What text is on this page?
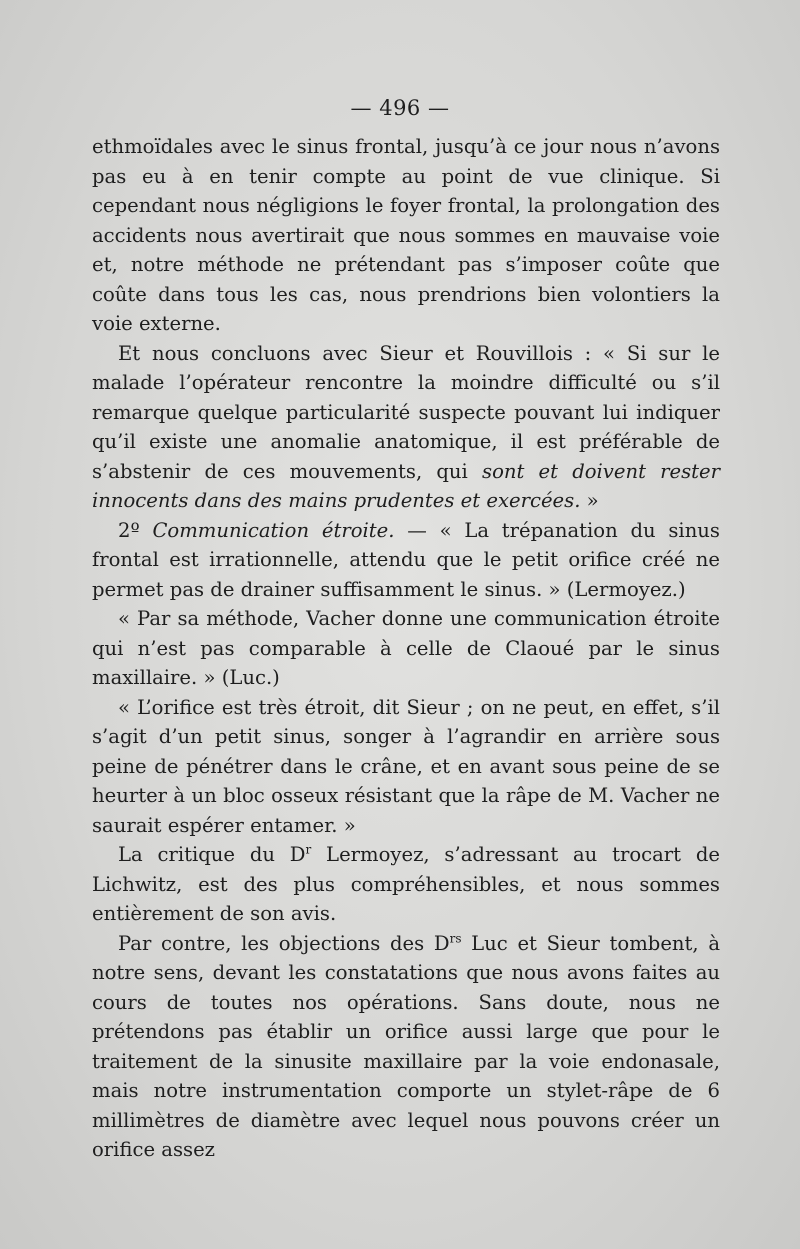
— 496 —

ethmoïdales avec le sinus frontal, jusqu’à ce jour nous n’avons pas eu à en tenir compte au point de vue clinique. Si cependant nous négligions le foyer frontal, la prolongation des accidents nous avertirait que nous sommes en mauvaise voie et, notre méthode ne prétendant pas s’imposer coûte que coûte dans tous les cas, nous prendrions bien volontiers la voie externe.

Et nous concluons avec Sieur et Rouvillois : « Si sur le malade l’opérateur rencontre la moindre difficulté ou s’il remarque quelque particularité suspecte pouvant lui indiquer qu’il existe une anomalie anatomique, il est préférable de s’abstenir de ces mouvements, qui sont et doivent rester innocents dans des mains prudentes et exercées. »

2º Communication étroite. — « La trépanation du sinus frontal est irrationnelle, attendu que le petit orifice créé ne permet pas de drainer suffisamment le sinus. » (Lermoyez.)

« Par sa méthode, Vacher donne une communication étroite qui n’est pas comparable à celle de Claoué par le sinus maxillaire. » (Luc.)

« L’orifice est très étroit, dit Sieur ; on ne peut, en effet, s’il s’agit d’un petit sinus, songer à l’agrandir en arrière sous peine de pénétrer dans le crâne, et en avant sous peine de se heurter à un bloc osseux résistant que la râpe de M. Vacher ne saurait espérer entamer. »

La critique du $D^r$ Lermoyez, s’adressant au trocart de Lichwitz, est des plus compréhensibles, et nous sommes entièrement de son avis.

Par contre, les objections des $D^{rs}$ Luc et Sieur tombent, à notre sens, devant les constatations que nous avons faites au cours de toutes nos opérations. Sans doute, nous ne prétendons pas établir un orifice aussi large que pour le traitement de la sinusite maxillaire par la voie endonasale, mais notre instrumentation comporte un stylet-râpe de 6 millimètres de diamètre avec lequel nous pouvons créer un orifice assez
